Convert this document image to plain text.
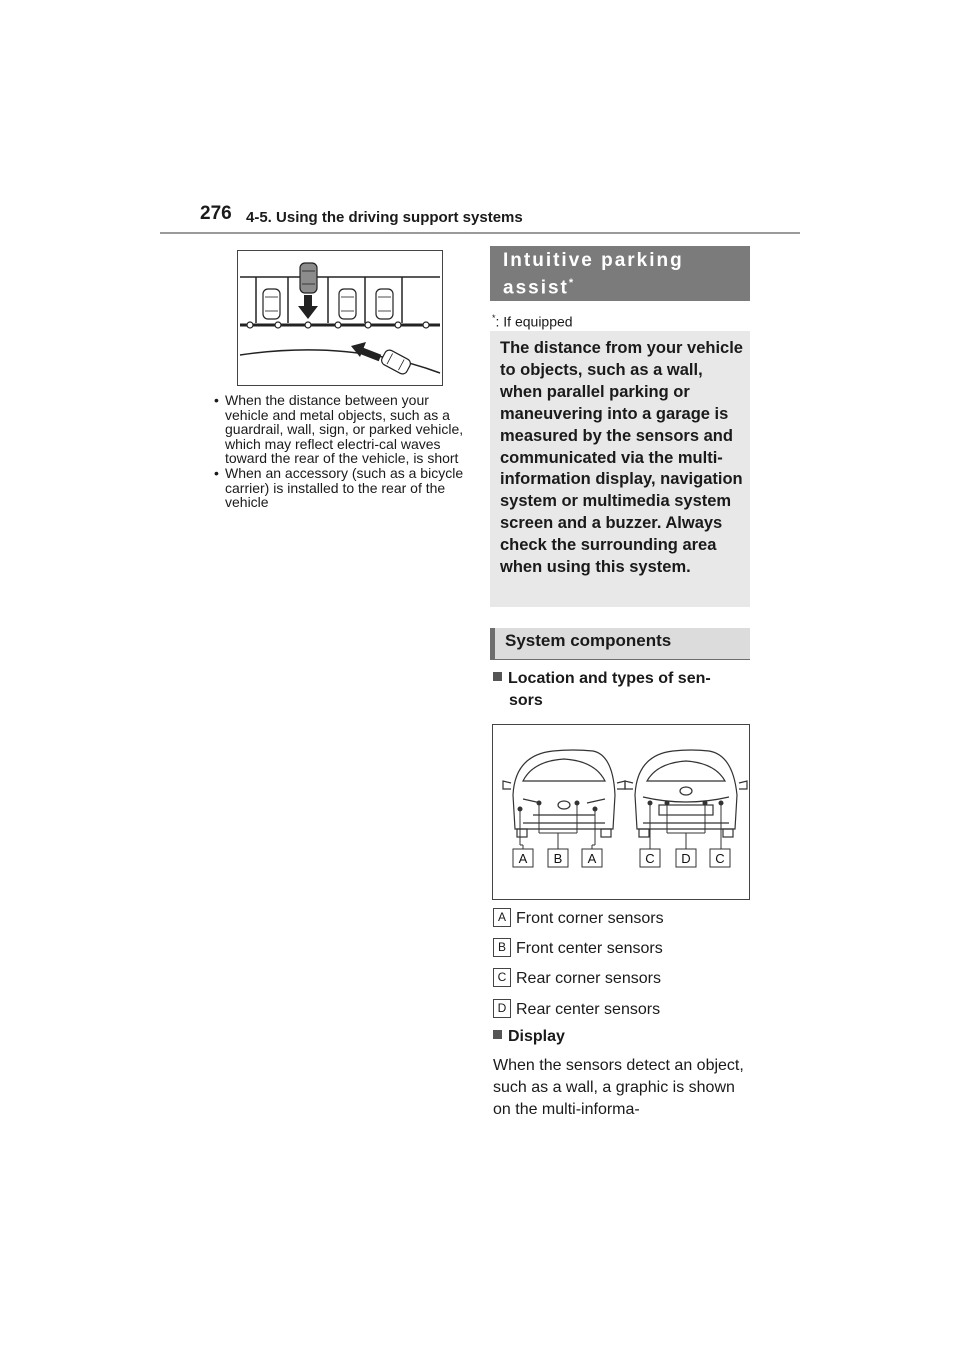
276 4-5. Using the driving support systems
• When the distance between your vehicle and metal objects, such as a guardrail, wall, sign, or parked vehicle, which may reflect electri-cal waves toward the rear of the vehicle, is short
• When an accessory (such as a bicycle carrier) is installed to the rear of the vehicle
Intuitive parking assist*
*: If equipped
The distance from your vehicle to objects, such as a wall, when parallel parking or maneuvering into a garage is measured by the sensors and communicated via the multi-information display, navigation system or multimedia system screen and a buzzer. Always check the surrounding area when using this system.
System components
Location and types of sen-
sors
A B A	C D C
A Front corner sensors
B Front center sensors
C Rear corner sensors
D Rear center sensors
Display
When the sensors detect an object, such as a wall, a graphic is shown on the multi-informa-
